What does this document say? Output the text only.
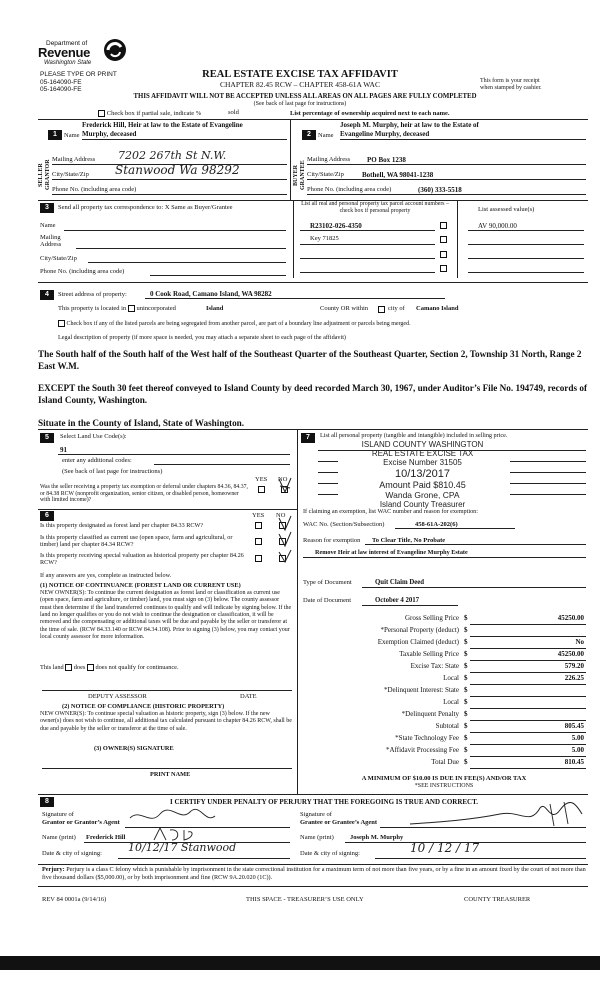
Department of
Revenue
Washington State
PLEASE TYPE OR PRINT
05-164090-FE
05-164090-FE
REAL ESTATE EXCISE TAX AFFIDAVIT
CHAPTER 82.45 RCW – CHAPTER 458-61A WAC
THIS AFFIDAVIT WILL NOT BE ACCEPTED UNLESS ALL AREAS ON ALL PAGES ARE FULLY COMPLETED
(See back of last page for instructions)
This form is your receipt
when stamped by cashier.
Check box if partial sale, indicate %	sold	List percentage of ownership acquired next to each name.
SELLER GRANTOR
1	Name
Frederick Hill, Heir at law to the Estate of Evangeline
Murphy, deceased
Mailing Address 7202 267th St N.W.
City/State/Zip Stanwood Wa 98292
Phone No. (including area code)
BUYER GRANTEE
2	Name
Joseph M. Murphy, heir at law to the Estate of
Evangeline Murphy, deceased
Mailing Address PO Box 1238
City/State/Zip	Bothell, WA 98041-1238
Phone No. (including area code)	(360) 333-5518
3	Send all property tax correspondence to: X Same as Buyer/Grantee
Name
Mailing
Address
City/State/Zip
Phone No. (including area code)
List all real and personal property tax parcel account numbers – check box if personal property	List assessed value(s)
R23102-026-4350	AV 90,000.00
Key 71825
4	Street address of property:	0 Cook Road, Camano Island, WA 98282
This property is located in unincorporated	Island	County OR within	city of Camano Island
Check box if any of the listed parcels are being segregated from another parcel, are part of a boundary line adjustment or parcels being merged.
Legal description of property (if more space is needed, you may attach a separate sheet to each page of the affidavit)
The South half of the South half of the West half of the Southeast Quarter of the Southeast Quarter, Section 2, Township 31 North, Range 2 East W.M.
EXCEPT the South 30 feet thereof conveyed to Island County by deed recorded March 30, 1967, under Auditor’s File No. 194749, records of Island County, Washington.
Situate in the County of Island, State of Washington.
5	Select Land Use Code(s):
91
enter any additional codes:
(See back of last page for instructions)
YES NO
Was the seller receiving a property tax exemption or deferral under chapters 84.36, 84.37, or 84.38 RCW (nonprofit organization, senior citizen, or disabled person, homeowner with limited income)?
6	YES NO
Is this property designated as forest land per chapter 84.33 RCW?
Is this property classified as current use (open space, farm and agricultural, or timber) land per chapter 84.34 RCW?
Is this property receiving special valuation as historical property per chapter 84.26 RCW?
If any answers are yes, complete as instructed below.
(1) NOTICE OF CONTINUANCE (FOREST LAND OR CURRENT USE)
NEW OWNER(S): To continue the current designation as forest land or classification as current use (open space, farm and agriculture, or timber) land, you must sign on (3) below. The county assessor must then determine if the land transferred continues to qualify and will indicate by signing below. If the land no longer qualifies or you do not wish to continue the designation or classification, it will be removed and the compensating or additional taxes will be due and payable by the seller or transferor at the time of sale. (RCW 84.33.140 or RCW 84.34.108). Prior to signing (3) below, you may contact your local county assessor for more information.
This land does does not qualify for continuance.
DEPUTY ASSESSOR	DATE
(2) NOTICE OF COMPLIANCE (HISTORIC PROPERTY)
NEW OWNER(S): To continue special valuation as historic property, sign (3) below. If the new owner(s) does not wish to continue, all additional tax calculated pursuant to chapter 84.26 RCW, shall be due and payable by the seller or transferor at the time of sale.
(3) OWNER(S) SIGNATURE
PRINT NAME
7	List all personal property (tangible and intangible) included in selling price.
ISLAND COUNTY WASHINGTON
REAL ESTATE EXCISE TAX
Excise Number 31505
10/13/2017
Amount Paid $810.45
Wanda Grone, CPA
Island County Treasurer
If claiming an exemption, list WAC number and reason for exemption:
WAC No. (Section/Subsection)	458-61A-202(6)
Reason for exemption To Clear Title, No Probate
Remove Heir at law interest of Evangeline Murphy Estate
Type of Document	Quit Claim Deed
Date of Document	October 4 2017
Gross Selling Price $	45250.00
*Personal Property (deduct) $
Exemption Claimed (deduct) $	No
Taxable Selling Price $	45250.00
Excise Tax: State $	579.20
Local $	226.25
*Delinquent Interest: State $
Local $
*Delinquent Penalty $
Subtotal $	805.45
*State Technology Fee $	5.00
*Affidavit Processing Fee $	5.00
Total Due $	810.45
A MINIMUM OF $10.00 IS DUE IN FEE(S) AND/OR TAX
*SEE INSTRUCTIONS
8	I CERTIFY UNDER PENALTY OF PERJURY THAT THE FOREGOING IS TRUE AND CORRECT.
Signature of
Grantor or Grantor’s Agent
Name (print) Frederick Hill
Date & city of signing: 10/12/17 Stanwood
Signature of
Grantee or Grantee’s Agent
Name (print) Joseph M. Murphy
Date & city of signing:	10 / 12 / 17
Perjury: Perjury is a class C felony which is punishable by imprisonment in the state correctional institution for a maximum term of not more than five years, or by a fine in an amount fixed by the court of not more than five thousand dollars ($5,000.00), or by both imprisonment and fine (RCW 9A.20.020 (1C)).
REV 84 0001a (9/14/16)	THIS SPACE - TREASURER’S USE ONLY	COUNTY TREASURER
